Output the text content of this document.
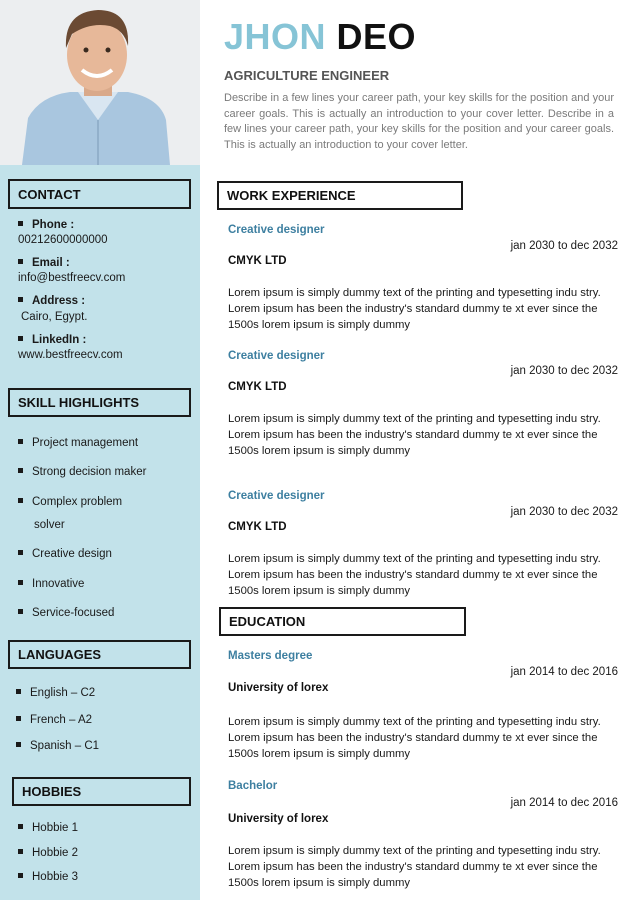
CONTACT
Phone :
00212600000000
Email :
info@bestfreecv.com
Address :
Cairo, Egypt.
LinkedIn :
www.bestfreecv.com
SKILL HIGHLIGHTS
Project management
Strong decision maker
Complex problem
solver
Creative design
Innovative
Service-focused
LANGUAGES
English – C2
French – A2
Spanish – C1
HOBBIES
Hobbie 1
Hobbie 2
Hobbie 3
JHON DEO
AGRICULTURE ENGINEER
Describe in a few lines your career path, your key skills for the position and your career goals. This is actually an introduction to your cover letter. Describe in a few lines your career path, your key skills for the position and your career goals. This is actually an introduction to your cover letter.
WORK EXPERIENCE
Creative designer
jan 2030 to dec 2032
CMYK LTD
Lorem ipsum is simply dummy text of the printing and typesetting indu stry. Lorem ipsum has been the industry's standard dummy te xt ever since the 1500s lorem ipsum is simply dummy
Creative designer
jan 2030 to dec 2032
CMYK LTD
Lorem ipsum is simply dummy text of the printing and typesetting indu stry. Lorem ipsum has been the industry's standard dummy te xt ever since the 1500s lorem ipsum is simply dummy
Creative designer
jan 2030 to dec 2032
CMYK LTD
Lorem ipsum is simply dummy text of the printing and typesetting indu stry. Lorem ipsum has been the industry's standard dummy te xt ever since the 1500s lorem ipsum is simply dummy
EDUCATION
Masters degree
jan 2014 to dec 2016
University of lorex
Lorem ipsum is simply dummy text of the printing and typesetting indu stry. Lorem ipsum has been the industry's standard dummy te xt ever since the 1500s lorem ipsum is simply dummy
Bachelor
jan 2014 to dec 2016
University of lorex
Lorem ipsum is simply dummy text of the printing and typesetting indu stry. Lorem ipsum has been the industry's standard dummy te xt ever since the 1500s lorem ipsum is simply dummy
